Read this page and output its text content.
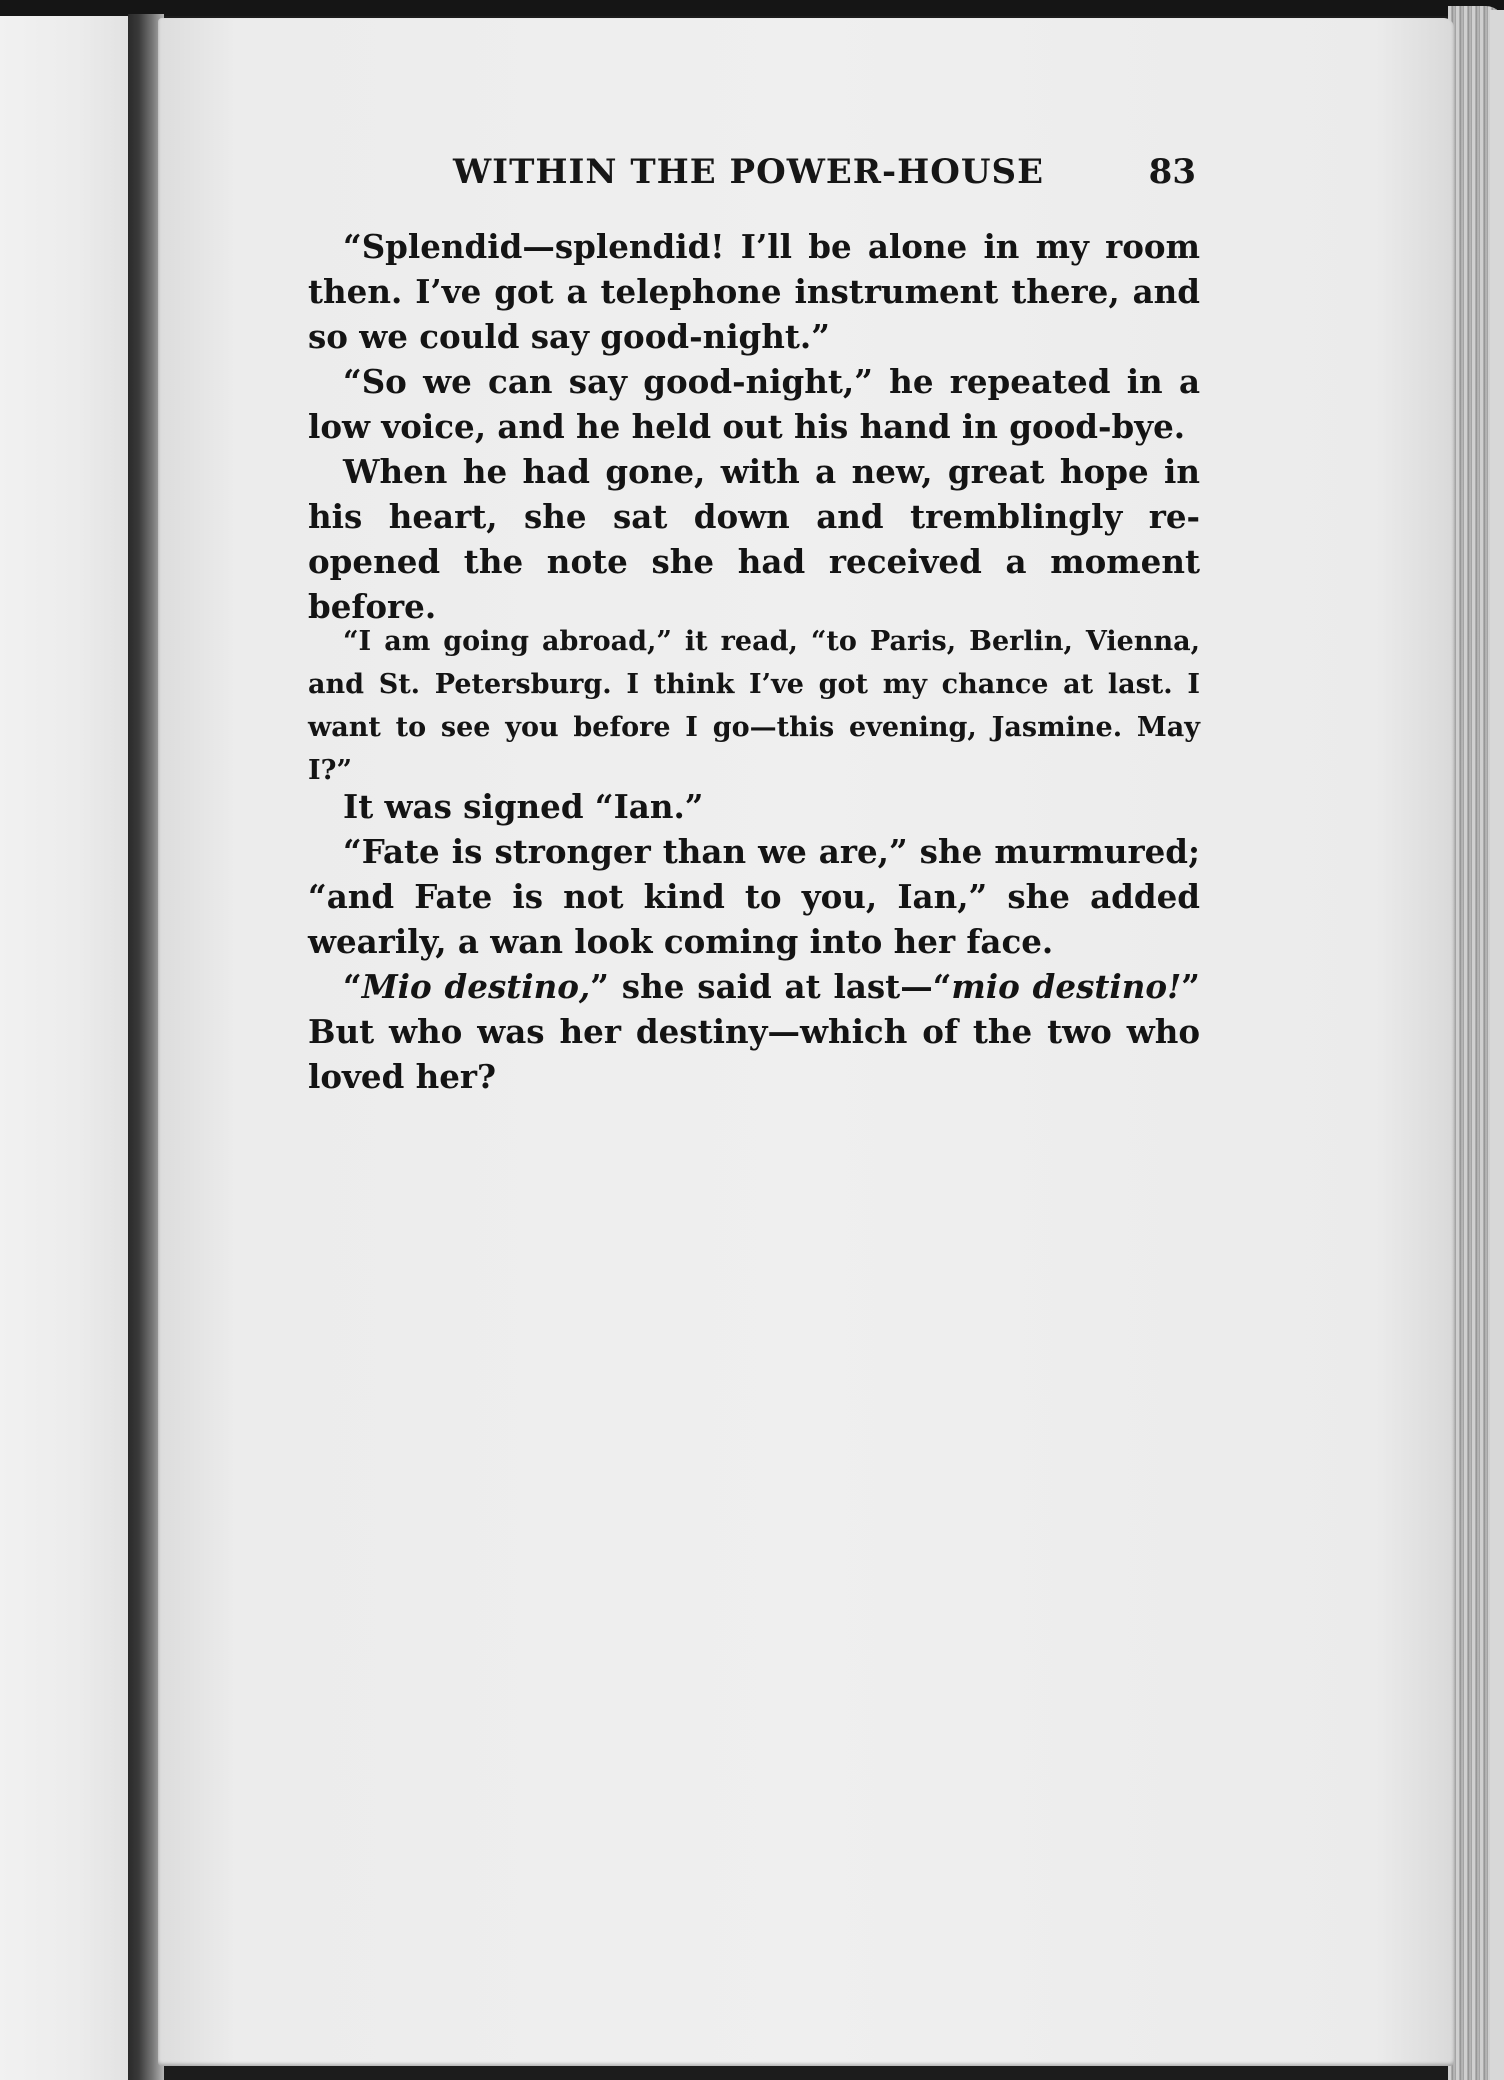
WITHIN THE POWER-HOUSE	83

“Splendid—splendid! I’ll be alone in my room then. I’ve got a telephone instrument there, and so we could say good-night.”

“So we can say good-night,” he repeated in a low voice, and he held out his hand in good-bye.

When he had gone, with a new, great hope in his heart, she sat down and tremblingly re-opened the note she had received a moment before.

“I am going abroad,” it read, “to Paris, Berlin, Vienna, and St. Petersburg. I think I’ve got my chance at last. I want to see you before I go—this evening, Jasmine. May I?”

It was signed “Ian.”

“Fate is stronger than we are,” she murmured; “and Fate is not kind to you, Ian,” she added wearily, a wan look coming into her face.

“Mio destino,” she said at last—“mio destino!” But who was her destiny—which of the two who loved her?
